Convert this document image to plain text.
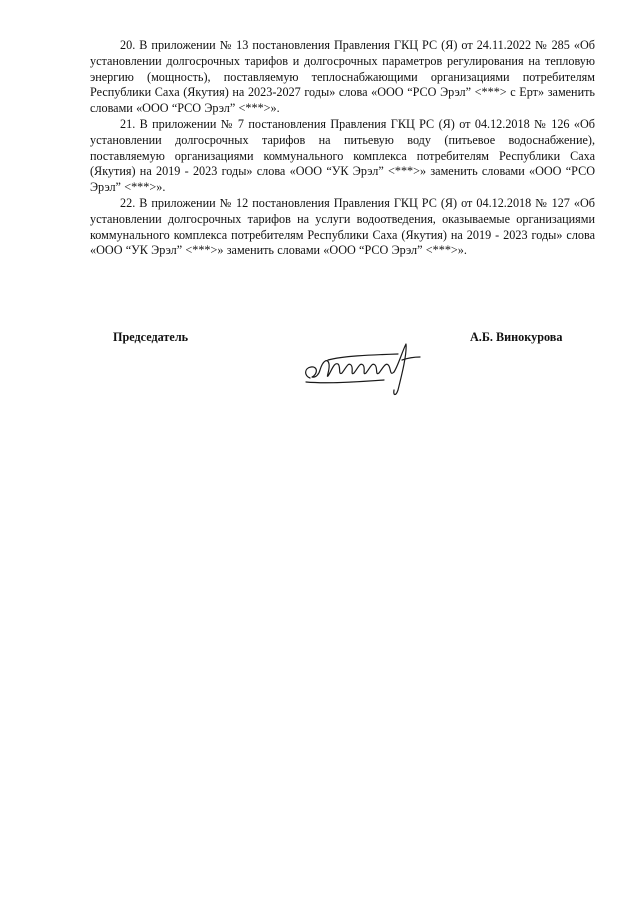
20. В приложении № 13 постановления Правления ГКЦ РС (Я) от 24.11.2022 № 285 «Об установлении долгосрочных тарифов и долгосрочных параметров регулирования на тепловую энергию (мощность), поставляемую теплоснабжающими организациями потребителям Республики Саха (Якутия) на 2023-2027 годы» слова «ООО “РСО Эрэл” <***> с Ерт» заменить словами «ООО “РСО Эрэл” <***>».

21. В приложении № 7 постановления Правления ГКЦ РС (Я) от 04.12.2018 № 126 «Об установлении долгосрочных тарифов на питьевую воду (питьевое водоснабжение), поставляемую организациями коммунального комплекса потребителям Республики Саха (Якутия) на 2019 - 2023 годы» слова «ООО “УК Эрэл” <***>» заменить словами «ООО “РСО Эрэл” <***>».

22. В приложении № 12 постановления Правления ГКЦ РС (Я) от 04.12.2018 № 127 «Об установлении долгосрочных тарифов на услуги водоотведения, оказываемые организациями коммунального комплекса потребителям Республики Саха (Якутия) на 2019 - 2023 годы» слова «ООО “УК Эрэл” <***>» заменить словами «ООО “РСО Эрэл” <***>».

Председатель	А.Б. Винокурова
